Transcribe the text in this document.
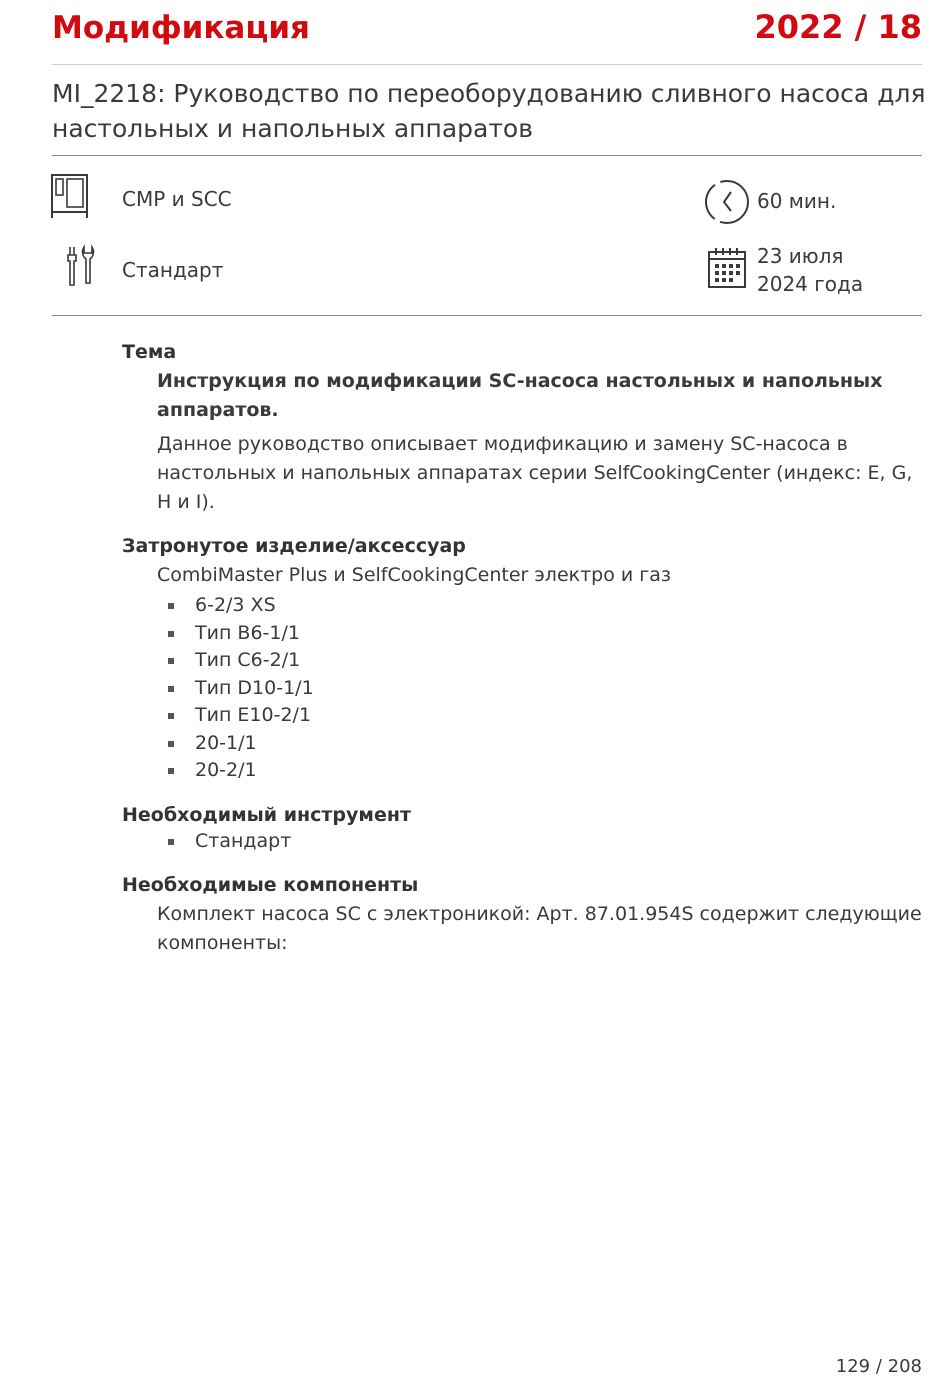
Модификация	2022 / 18
MI_2218: Руководство по переоборудованию сливного насоса для настольных и напольных аппаратов
CMP и SCC	60 мин.
Стандарт
23 июля
2024 года
Тема
Инструкция по модификации SC-насоса настольных и напольных аппаратов.
Данное руководство описывает модификацию и замену SC-насоса в настольных и напольных аппаратах серии SelfCookingCenter (индекс: E, G, H и I).
Затронутое изделие/аксессуар
CombiMaster Plus и SelfCookingCenter электро и газ
6-2/3 XS
Тип B6-1/1
Тип C6-2/1
Тип D10-1/1
Тип E10-2/1
20-1/1
20-2/1
Необходимый инструмент
Стандарт
Необходимые компоненты
Комплект насоса SC с электроникой: Арт. 87.01.954S содержит следующие компоненты:
129 / 208
